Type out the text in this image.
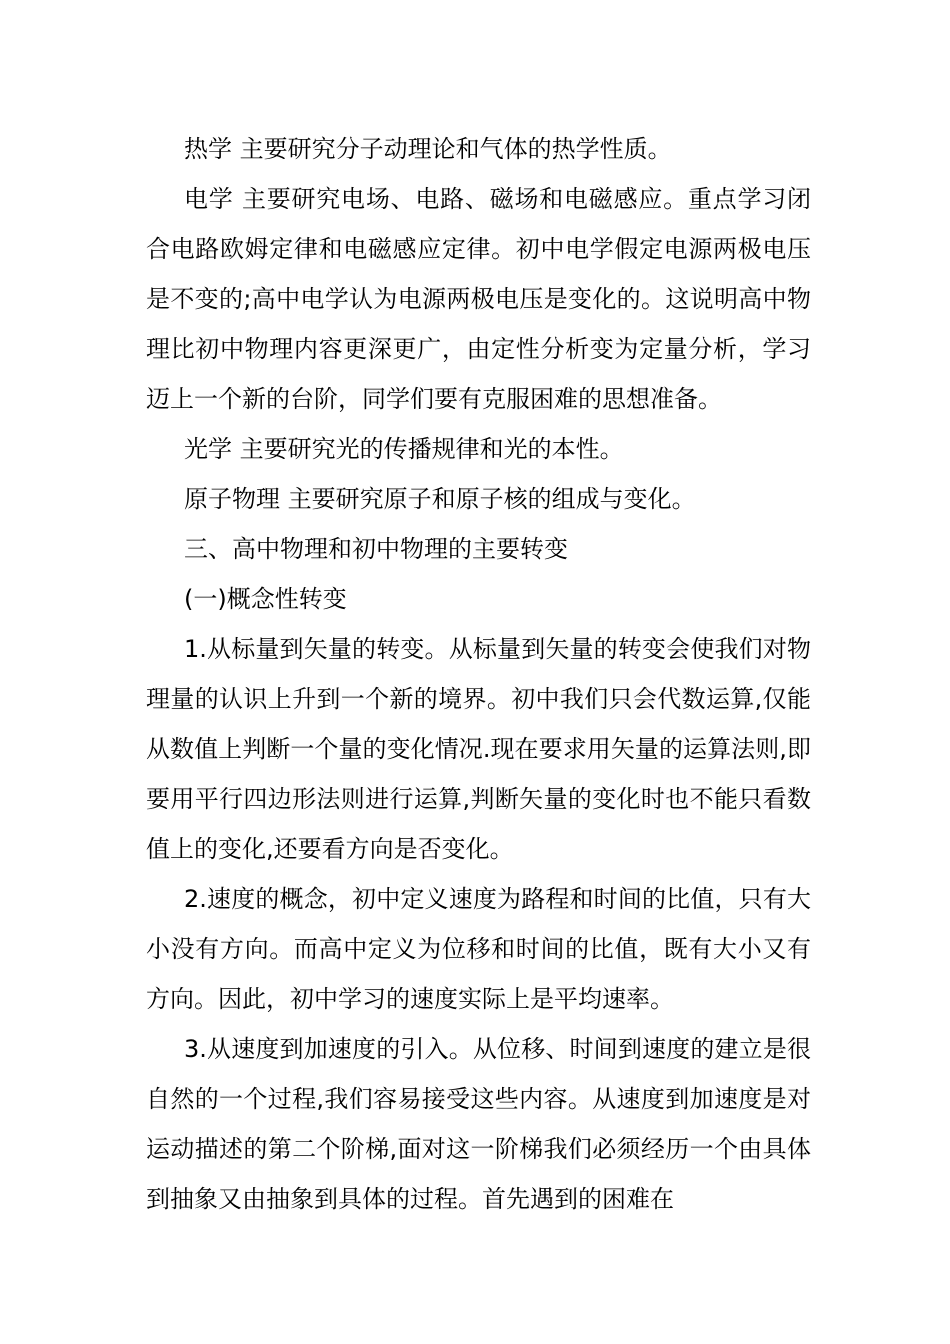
热学 主要研究分子动理论和气体的热学性质。

电学 主要研究电场、电路、磁场和电磁感应。重点学习闭合电路欧姆定律和电磁感应定律。初中电学假定电源两极电压是不变的;高中电学认为电源两极电压是变化的。这说明高中物理比初中物理内容更深更广，由定性分析变为定量分析，学习迈上一个新的台阶，同学们要有克服困难的思想准备。

光学 主要研究光的传播规律和光的本性。

原子物理 主要研究原子和原子核的组成与变化。

三、高中物理和初中物理的主要转变

(一)概念性转变

1.从标量到矢量的转变。从标量到矢量的转变会使我们对物理量的认识上升到一个新的境界。初中我们只会代数运算,仅能从数值上判断一个量的变化情况.现在要求用矢量的运算法则,即要用平行四边形法则进行运算,判断矢量的变化时也不能只看数值上的变化,还要看方向是否变化。

2.速度的概念，初中定义速度为路程和时间的比值，只有大小没有方向。而高中定义为位移和时间的比值，既有大小又有方向。因此，初中学习的速度实际上是平均速率。

3.从速度到加速度的引入。从位移、时间到速度的建立是很自然的一个过程,我们容易接受这些内容。从速度到加速度是对运动描述的第二个阶梯,面对这一阶梯我们必须经历一个由具体到抽象又由抽象到具体的过程。首先遇到的困难在
